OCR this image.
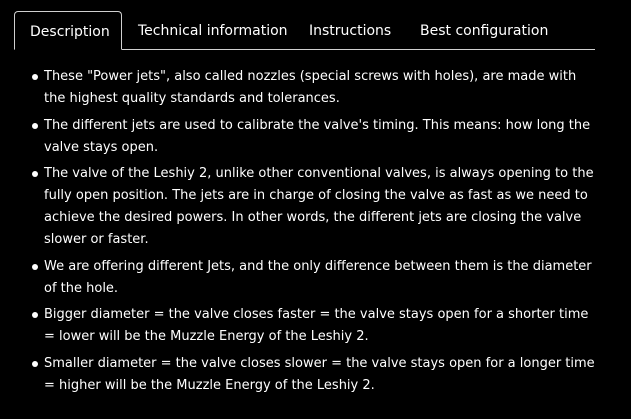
Description	Technical information Instructions Best configuration
These "Power jets", also called nozzles (special screws with holes), are made with the highest quality standards and tolerances.
The different jets are used to calibrate the valve's timing. This means: how long the valve stays open.
The valve of the Leshiy 2, unlike other conventional valves, is always opening to the fully open position. The jets are in charge of closing the valve as fast as we need to achieve the desired powers. In other words, the different jets are closing the valve slower or faster.
We are offering different Jets, and the only difference between them is the diameter of the hole.
Bigger diameter = the valve closes faster = the valve stays open for a shorter time = lower will be the Muzzle Energy of the Leshiy 2.
Smaller diameter = the valve closes slower = the valve stays open for a longer time = higher will be the Muzzle Energy of the Leshiy 2.
